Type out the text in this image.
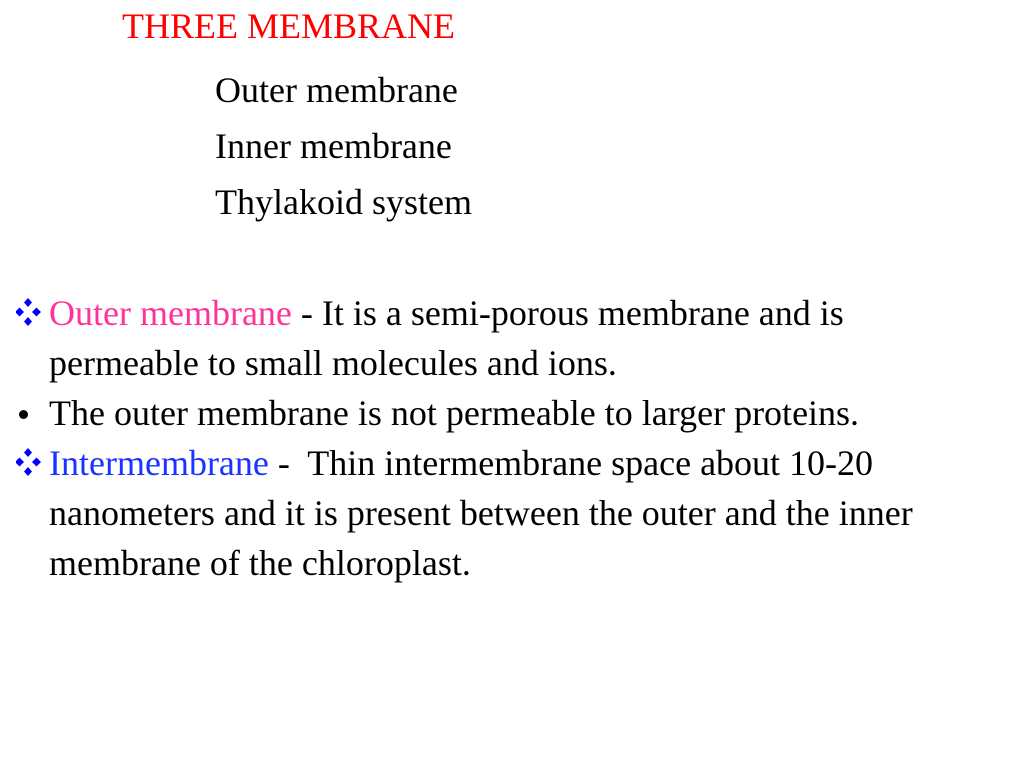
THREE MEMBRANE
Outer membrane
Inner membrane
Thylakoid system
Outer membrane - It is a semi-porous membrane and is permeable to small molecules and ions.
The outer membrane is not permeable to larger proteins.
Intermembrane -  Thin intermembrane space about 10-20 nanometers and it is present between the outer and the inner membrane of the chloroplast.
